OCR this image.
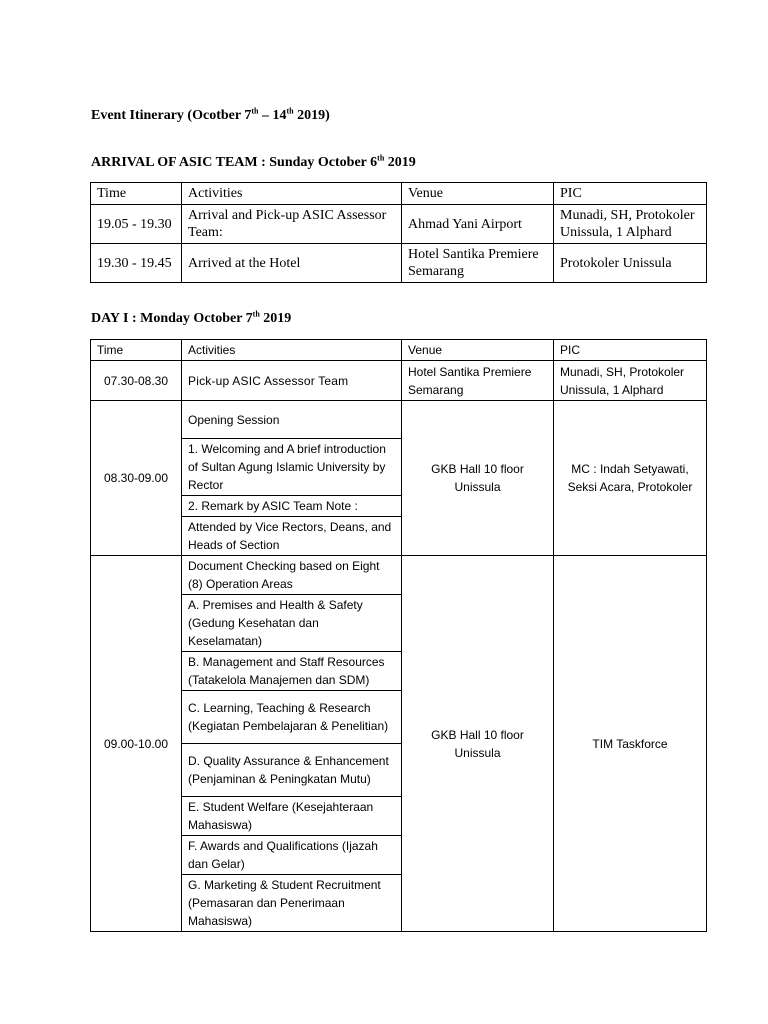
Event Itinerary (Ocotber 7th – 14th 2019)
ARRIVAL OF ASIC TEAM : Sunday October 6th 2019
Time	Activities	Venue	PIC
19.05 - 19.30	Arrival and Pick-up ASIC Assessor Team:	Ahmad Yani Airport	Munadi, SH, Protokoler Unissula, 1 Alphard
19.30 - 19.45	Arrived at the Hotel	Hotel Santika Premiere Semarang	Protokoler Unissula
DAY I : Monday October 7th 2019
Time	Activities	Venue	PIC
07.30-08.30	Pick-up ASIC Assessor Team	Hotel Santika Premiere Semarang	Munadi, SH, Protokoler Unissula, 1 Alphard
08.30-09.00	Opening Session	GKB Hall 10 floor Unissula	MC : Indah Setyawati, Seksi Acara, Protokoler
	1. Welcoming and A brief introduction of Sultan Agung Islamic University by Rector		
	2. Remark by ASIC Team Note :		
	Attended by Vice Rectors, Deans, and Heads of Section		
09.00-10.00	Document Checking based on Eight (8) Operation Areas	GKB Hall 10 floor Unissula	TIM Taskforce
	A. Premises and Health & Safety (Gedung Kesehatan dan Keselamatan)		
	B. Management and Staff Resources (Tatakelola Manajemen dan SDM)		
	C. Learning, Teaching & Research (Kegiatan Pembelajaran & Penelitian)		
	D. Quality Assurance & Enhancement (Penjaminan & Peningkatan Mutu)		
	E. Student Welfare (Kesejahteraan Mahasiswa)		
	F. Awards and Qualifications (Ijazah dan Gelar)		
	G. Marketing & Student Recruitment (Pemasaran dan Penerimaan Mahasiswa)		
